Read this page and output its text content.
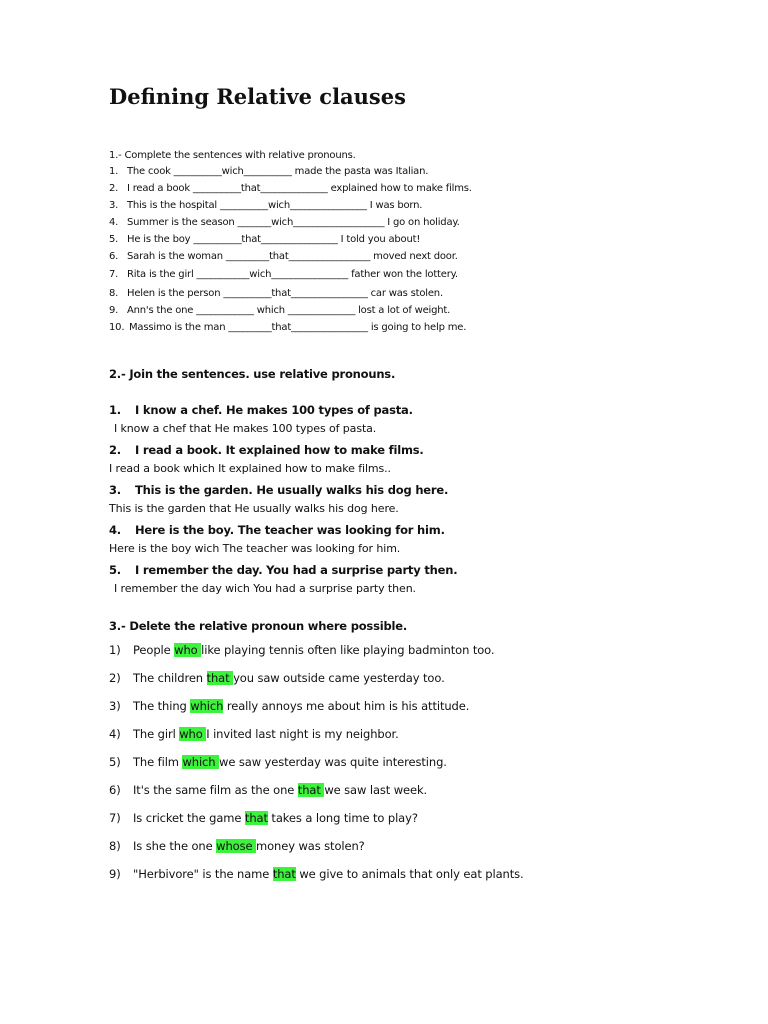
Defining Relative clauses
1.- Complete the sentences with relative pronouns.
1. The cook __________wich__________ made the pasta was Italian.
2. I read a book __________that______________ explained how to make films.
3. This is the hospital __________wich________________ I was born.
4. Summer is the season _______wich___________________ I go on holiday.
5. He is the boy __________that________________ I told you about!
6. Sarah is the woman _________that_________________ moved next door.
7. Rita is the girl ___________wich________________ father won the lottery.
8. Helen is the person __________that________________ car was stolen.
9. Ann's the one ____________ which ______________ lost a lot of weight.
10. Massimo is the man _________that________________ is going to help me.
2.- Join the sentences. use relative pronouns.
1. I know a chef. He makes 100 types of pasta.
I know a chef that He makes 100 types of pasta.
2. I read a book. It explained how to make films.
I read a book which It explained how to make films..
3. This is the garden. He usually walks his dog here.
This is the garden that He usually walks his dog here.
4. Here is the boy. The teacher was looking for him.
Here is the boy wich The teacher was looking for him.
5. I remember the day. You had a surprise party then.
I remember the day wich You had a surprise party then.
3.- Delete the relative pronoun where possible.
1) People who like playing tennis often like playing badminton too.
2) The children that you saw outside came yesterday too.
3) The thing which really annoys me about him is his attitude.
4) The girl who I invited last night is my neighbor.
5) The film which we saw yesterday was quite interesting.
6) It's the same film as the one that we saw last week.
7) Is cricket the game that takes a long time to play?
8) Is she the one whose money was stolen?
9) "Herbivore" is the name that we give to animals that only eat plants.
